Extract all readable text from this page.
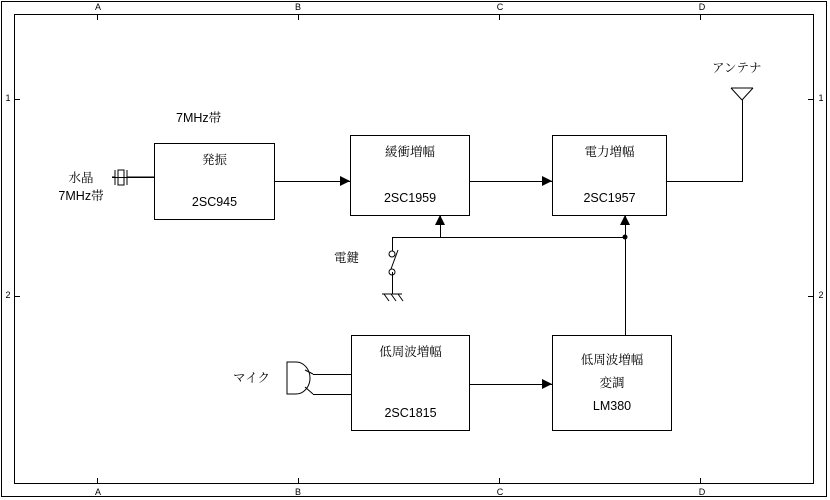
A	B	C	D
A	B	C	D
1
2
1
2
発振
2SC945
緩衝増幅
2SC1959
電力増幅
2SC1957
低周波増幅
2SC1815
低周波増幅
変調
LM380
7MHz帯
水晶
7MHz帯
アンテナ
電鍵
マイク
